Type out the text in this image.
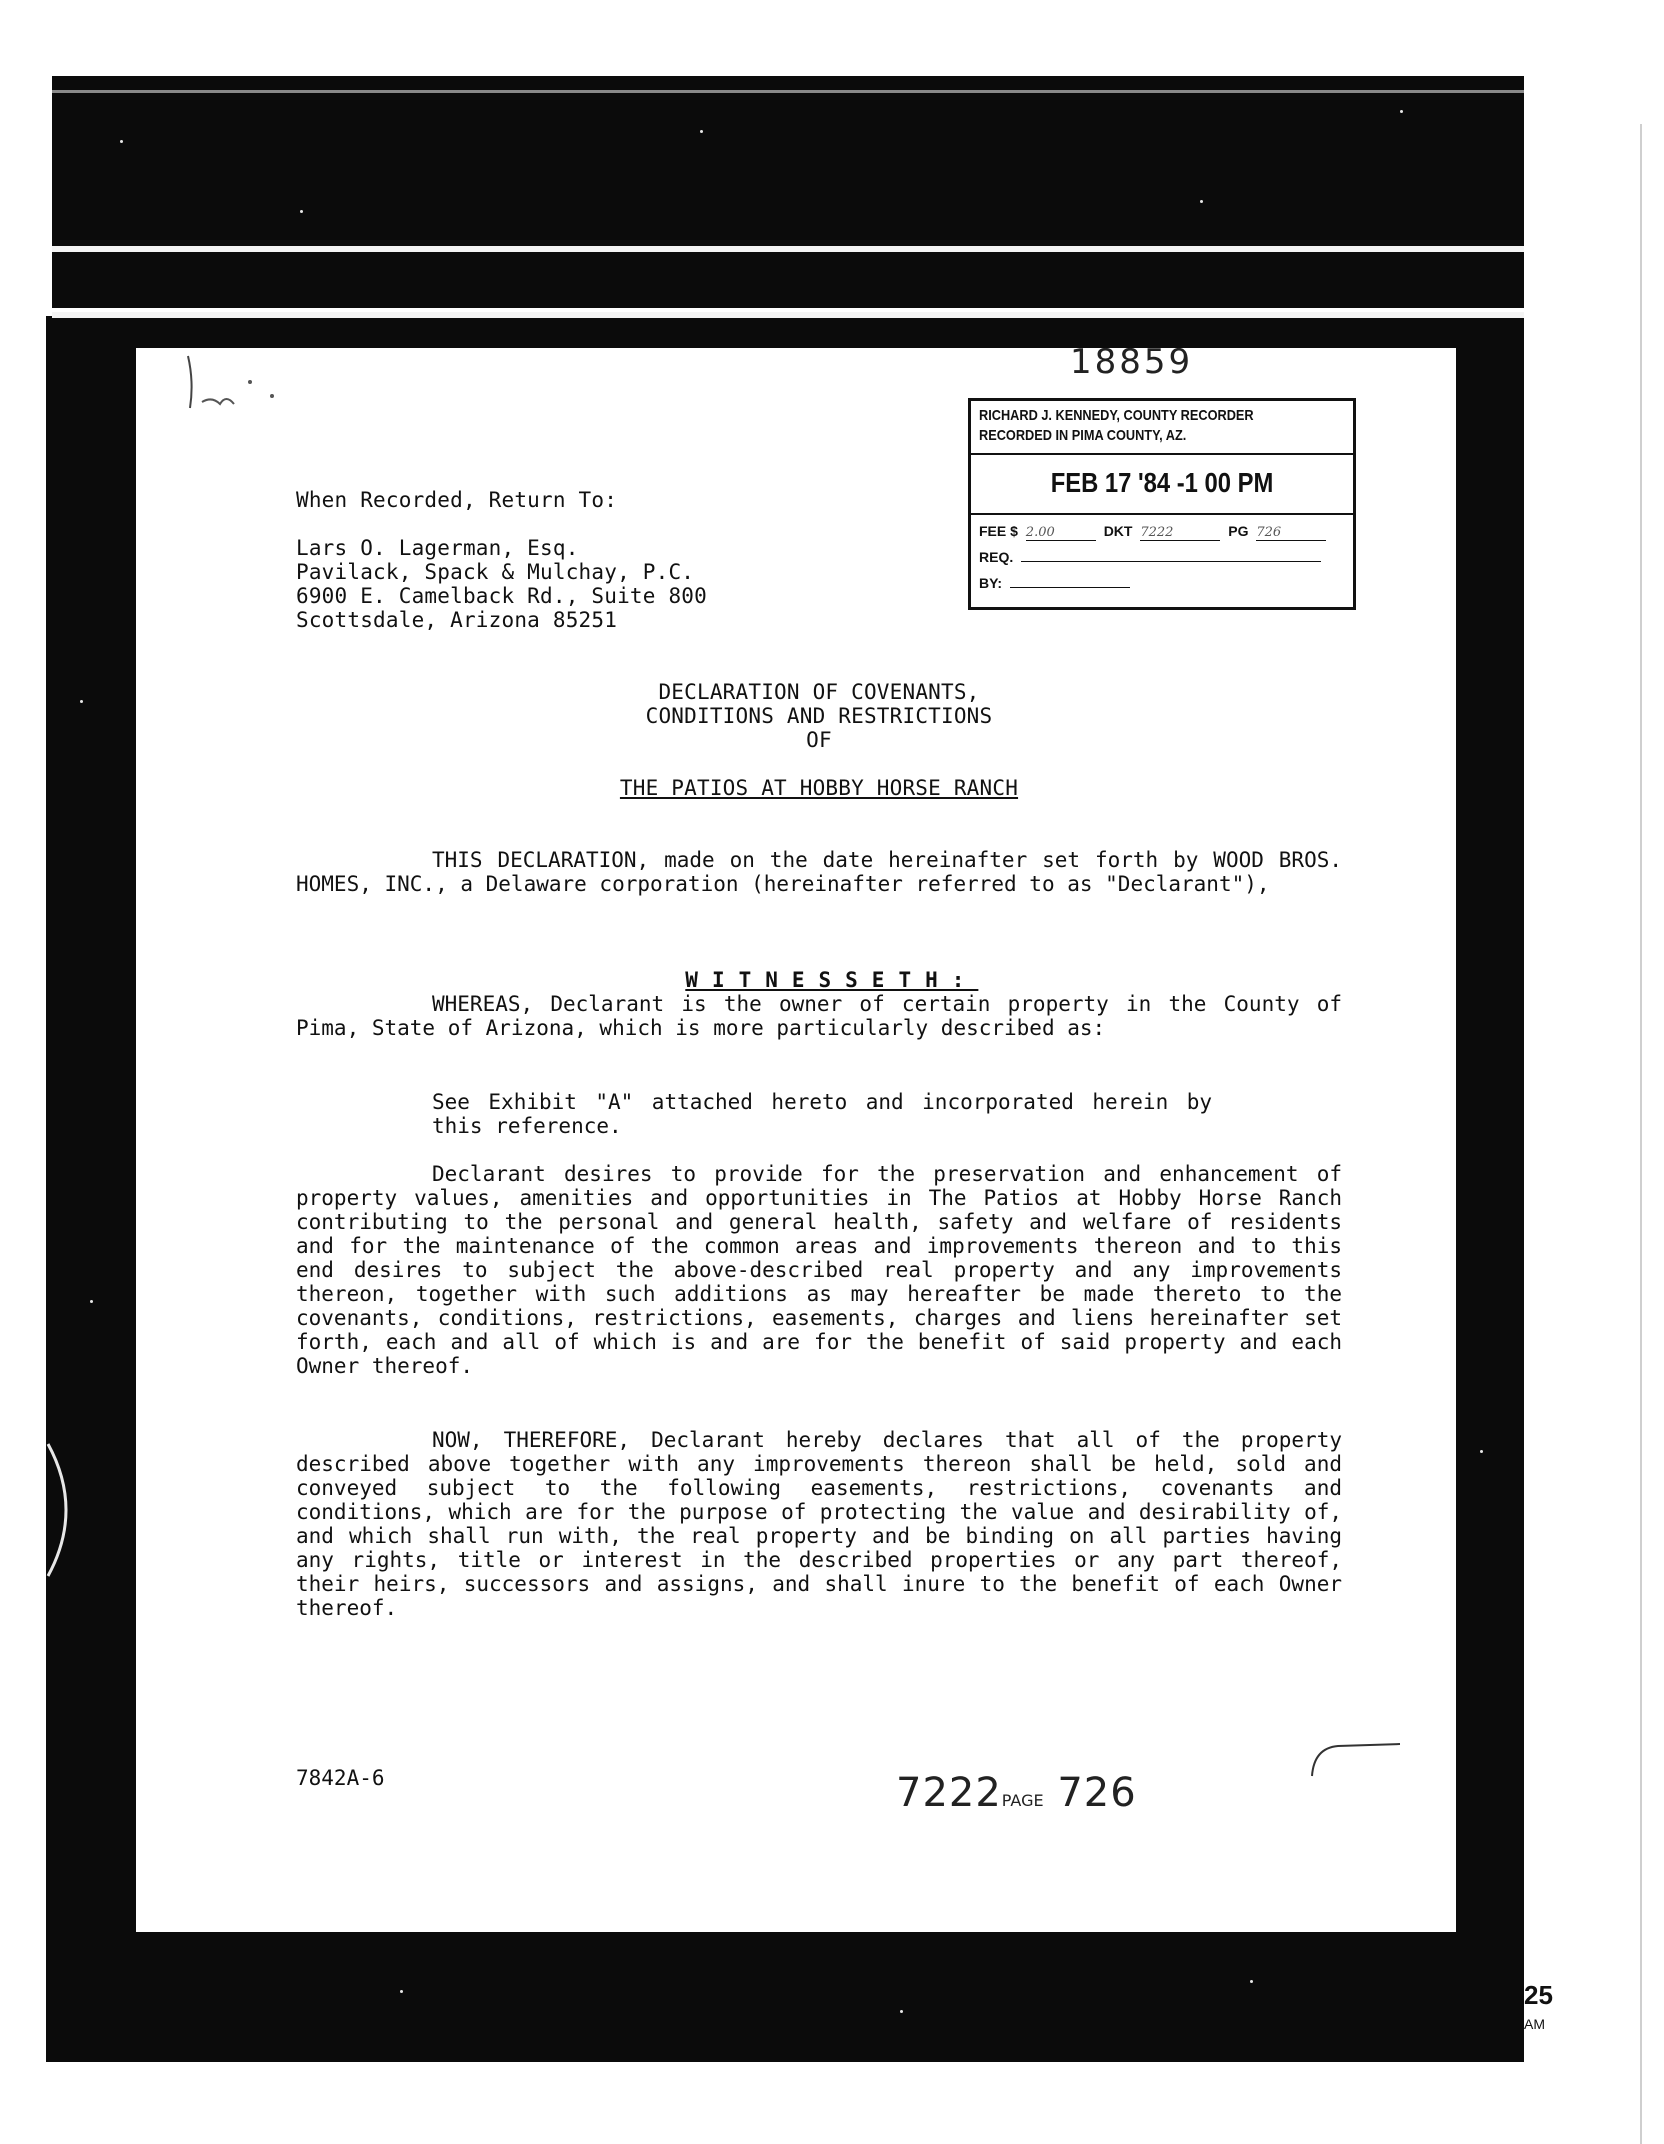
25
AM
18859
RICHARD J. KENNEDY, COUNTY RECORDER
RECORDED IN PIMA COUNTY, AZ.
FEB 17 '84 -1 00 PM
FEE $ 2.00	DKT 7222	PG 726
REQ.
BY:
When Recorded, Return To:
Lars O. Lagerman, Esq.
Pavilack, Spack & Mulchay, P.C.
6900 E. Camelback Rd., Suite 800
Scottsdale, Arizona 85251
DECLARATION OF COVENANTS,
CONDITIONS AND RESTRICTIONS
OF
THE PATIOS AT HOBBY HORSE RANCH
THIS DECLARATION, made on the date hereinafter set forth by WOOD BROS. HOMES, INC., a Delaware corporation (hereinafter referred to as "Declarant"),

WITNESSETH:

WHEREAS, Declarant is the owner of certain property in the County of Pima, State of Arizona, which is more particularly described as:
See Exhibit "A" attached hereto and incorporated herein by this reference.
Declarant desires to provide for the preservation and enhancement of property values, amenities and opportunities in The Patios at Hobby Horse Ranch contributing to the personal and general health, safety and welfare of residents and for the maintenance of the common areas and improvements thereon and to this end desires to subject the above-described real property and any improvements thereon, together with such additions as may hereafter be made thereto to the covenants, conditions, restrictions, easements, charges and liens hereinafter set forth, each and all of which is and are for the benefit of said property and each Owner thereof.
NOW, THEREFORE, Declarant hereby declares that all of the property described above together with any improvements thereon shall be held, sold and conveyed subject to the following easements, restrictions, covenants and conditions, which are for the purpose of protecting the value and desirability of, and which shall run with, the real property and be binding on all parties having any rights, title or interest in the described properties or any part thereof, their heirs, successors and assigns, and shall inure to the benefit of each Owner thereof.
7842A-6	7222PAGE 726
